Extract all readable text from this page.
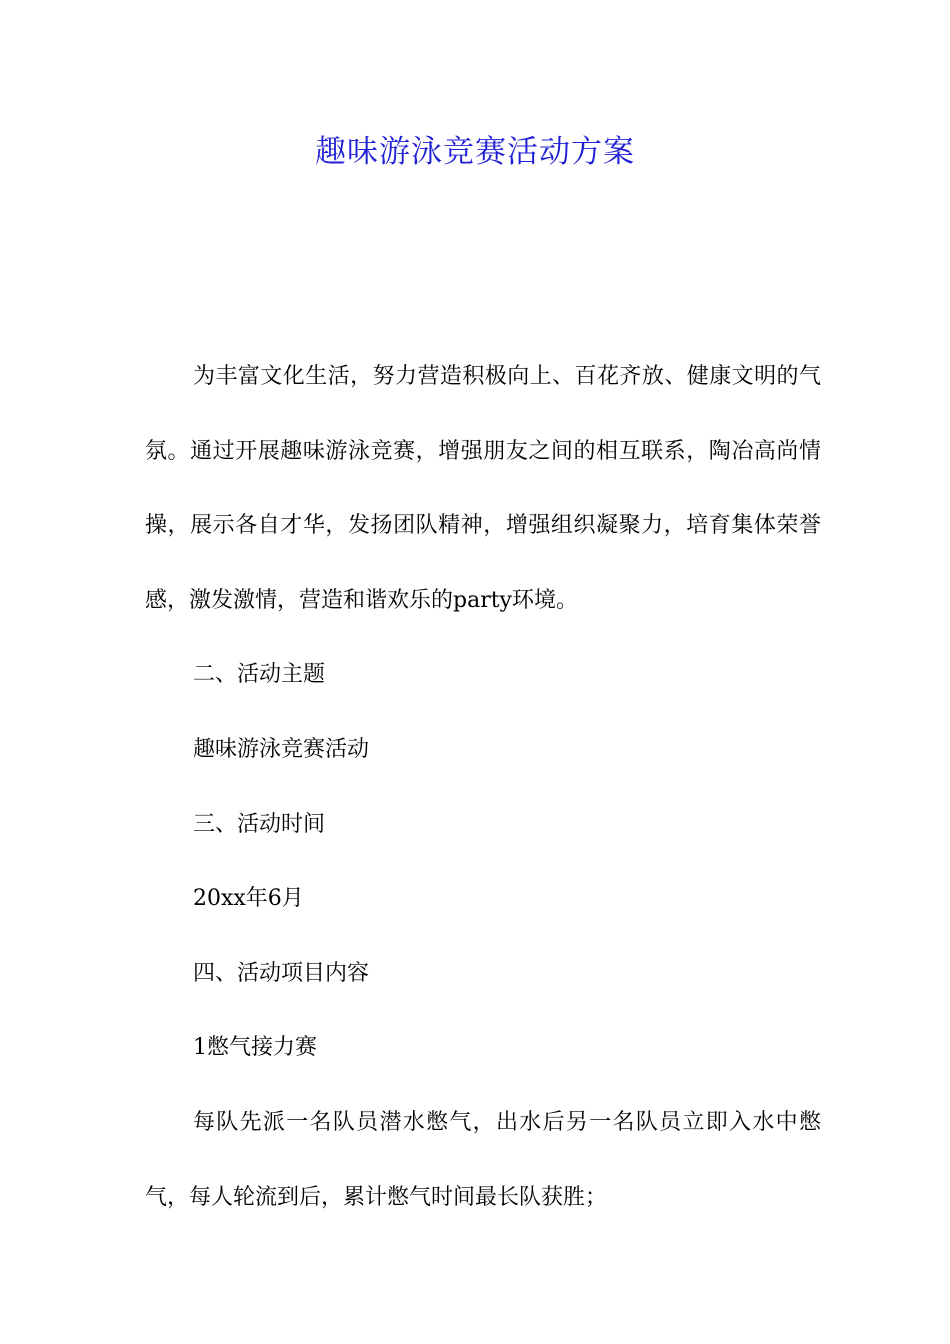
趣味游泳竞赛活动方案

为丰富文化生活，努力营造积极向上、百花齐放、健康文明的气氛。通过开展趣味游泳竞赛，增强朋友之间的相互联系，陶冶高尚情操，展示各自才华，发扬团队精神，增强组织凝聚力，培育集体荣誉感，激发激情，营造和谐欢乐的party环境。

二、活动主题

趣味游泳竞赛活动

三、活动时间

20xx年6月

四、活动项目内容

1憋气接力赛

每队先派一名队员潜水憋气，出水后另一名队员立即入水中憋气，每人轮流到后，累计憋气时间最长队获胜；
